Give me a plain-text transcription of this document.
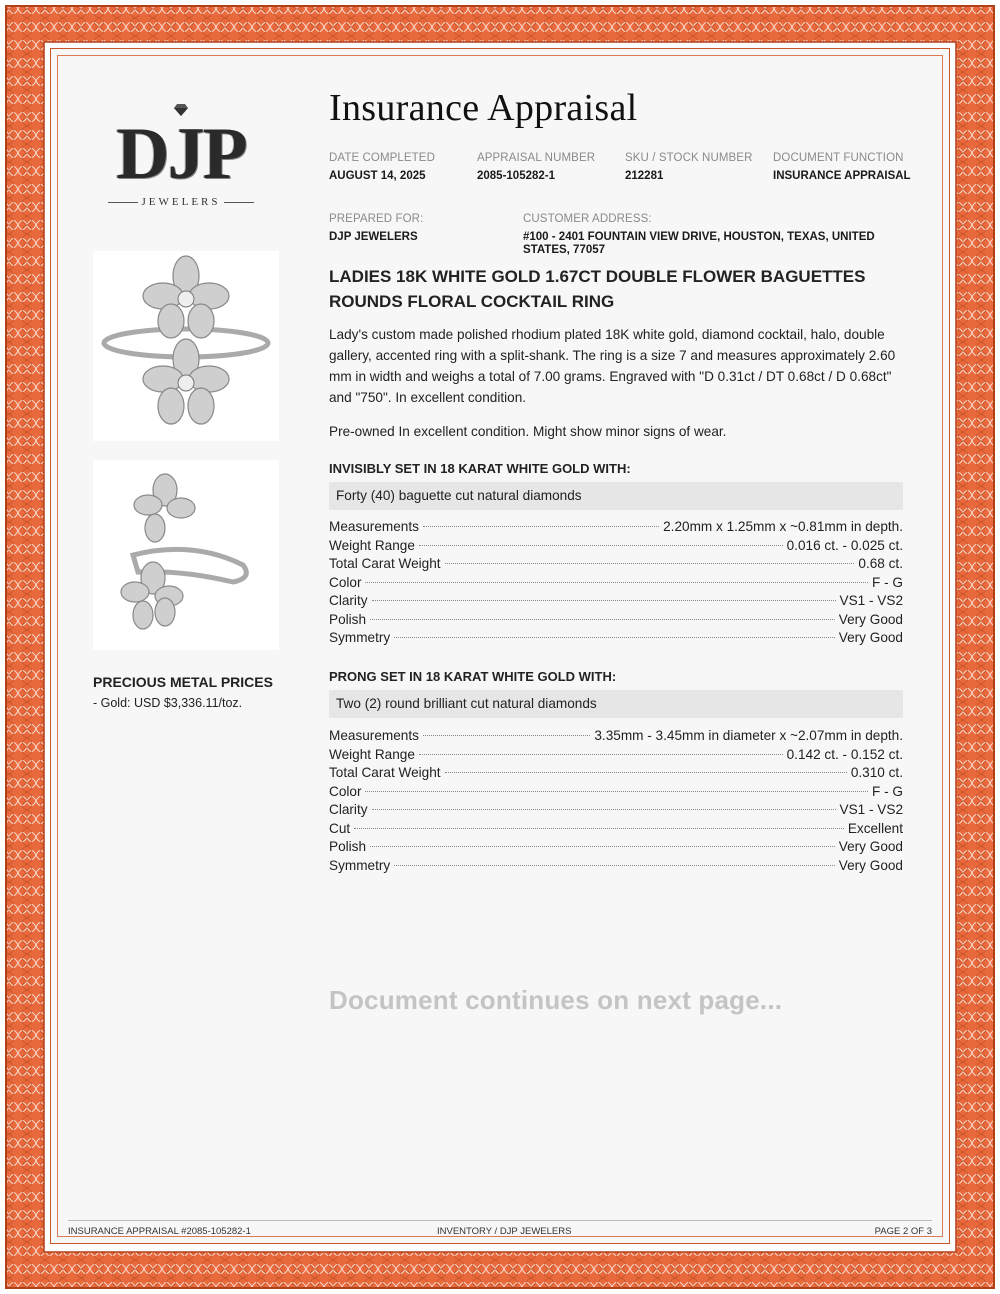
DJP
JEWELERS
Insurance Appraisal
DATE COMPLETED
AUGUST 14, 2025
APPRAISAL NUMBER
2085-105282-1
SKU / STOCK NUMBER
212281
DOCUMENT FUNCTION
INSURANCE APPRAISAL
PREPARED FOR:
DJP JEWELERS
CUSTOMER ADDRESS:
#100 - 2401 FOUNTAIN VIEW DRIVE, HOUSTON, TEXAS, UNITED STATES, 77057
LADIES 18K WHITE GOLD 1.67CT DOUBLE FLOWER BAGUETTES ROUNDS FLORAL COCKTAIL RING
Lady's custom made polished rhodium plated 18K white gold, diamond cocktail, halo, double gallery, accented ring with a split-shank. The ring is a size 7 and measures approximately 2.60 mm in width and weighs a total of 7.00 grams. Engraved with "D 0.31ct / DT 0.68ct / D 0.68ct" and "750". In excellent condition.
Pre-owned In excellent condition. Might show minor signs of wear.
INVISIBLY SET IN 18 KARAT WHITE GOLD WITH:
Forty (40) baguette cut natural diamonds
Measurements	2.20mm x 1.25mm x ~0.81mm in depth.
Weight Range	0.016 ct. - 0.025 ct.
Total Carat Weight	0.68 ct.
Color	F - G
Clarity	VS1 - VS2
Polish	Very Good
Symmetry	Very Good
PRONG SET IN 18 KARAT WHITE GOLD WITH:
Two (2) round brilliant cut natural diamonds
Measurements	3.35mm - 3.45mm in diameter x ~2.07mm in depth.
Weight Range	0.142 ct. - 0.152 ct.
Total Carat Weight	0.310 ct.
Color	F - G
Clarity	VS1 - VS2
Cut	Excellent
Polish	Very Good
Symmetry	Very Good
PRECIOUS METAL PRICES
- Gold: USD $3,336.11/toz.
Document continues on next page...
INSURANCE APPRAISAL #2085-105282-1	INVENTORY / DJP JEWELERS	PAGE 2 OF 3
